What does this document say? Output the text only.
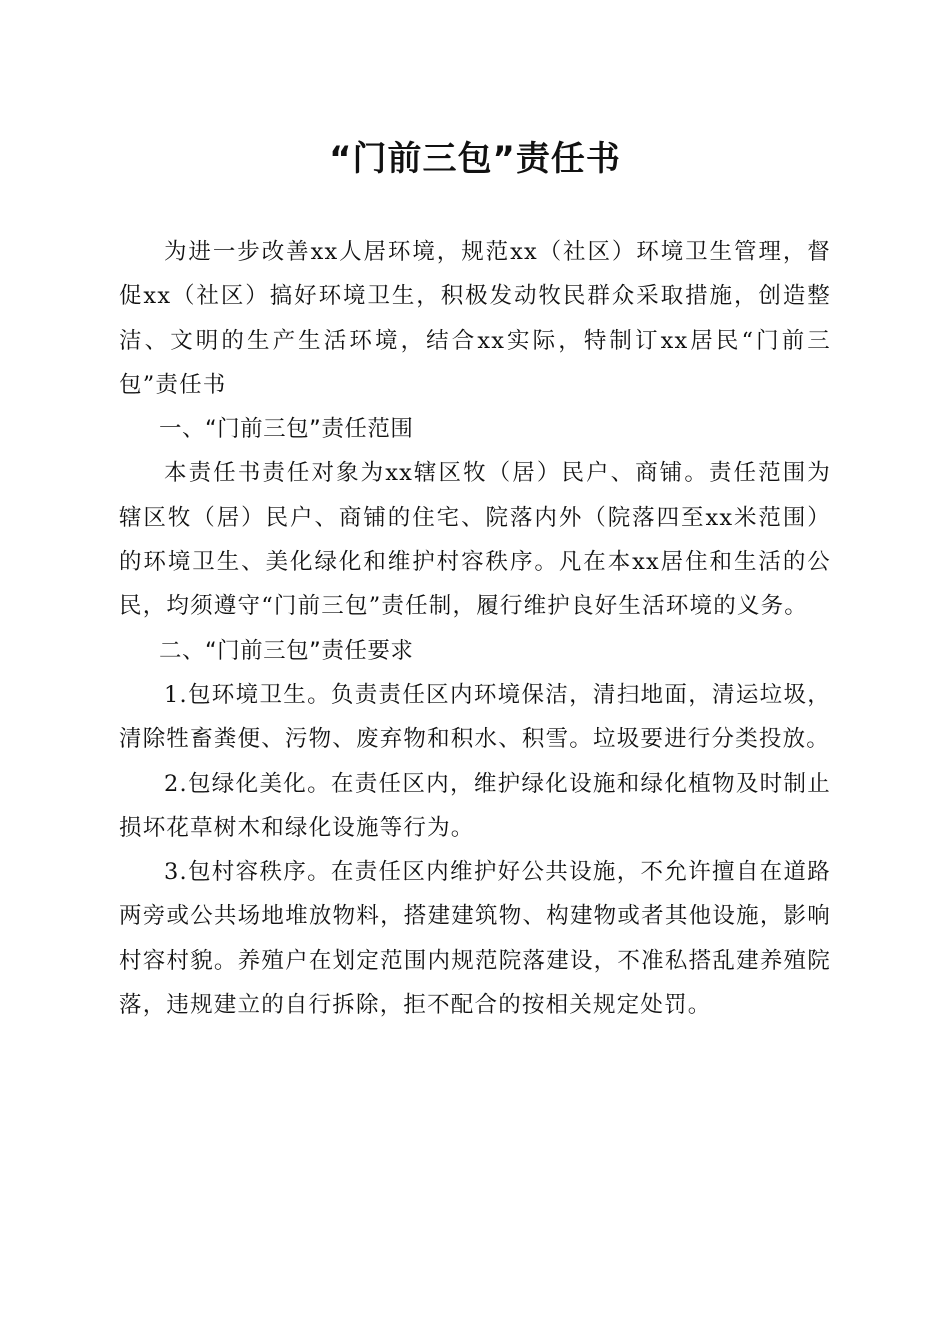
“门前三包”责任书

为进一步改善xx人居环境，规范xx（社区）环境卫生管理，督促xx（社区）搞好环境卫生，积极发动牧民群众采取措施，创造整洁、文明的生产生活环境，结合xx实际，特制订xx居民“门前三包”责任书

一、“门前三包”责任范围

本责任书责任对象为xx辖区牧（居）民户、商铺。责任范围为辖区牧（居）民户、商铺的住宅、院落内外（院落四至xx米范围）的环境卫生、美化绿化和维护村容秩序。凡在本xx居住和生活的公民，均须遵守“门前三包”责任制，履行维护良好生活环境的义务。

二、“门前三包”责任要求

1.包环境卫生。负责责任区内环境保洁，清扫地面，清运垃圾，清除牲畜粪便、污物、废弃物和积水、积雪。垃圾要进行分类投放。

2.包绿化美化。在责任区内，维护绿化设施和绿化植物及时制止损坏花草树木和绿化设施等行为。

3.包村容秩序。在责任区内维护好公共设施，不允许擅自在道路两旁或公共场地堆放物料，搭建建筑物、构建物或者其他设施，影响村容村貌。养殖户在划定范围内规范院落建设，不准私搭乱建养殖院落，违规建立的自行拆除，拒不配合的按相关规定处罚。
